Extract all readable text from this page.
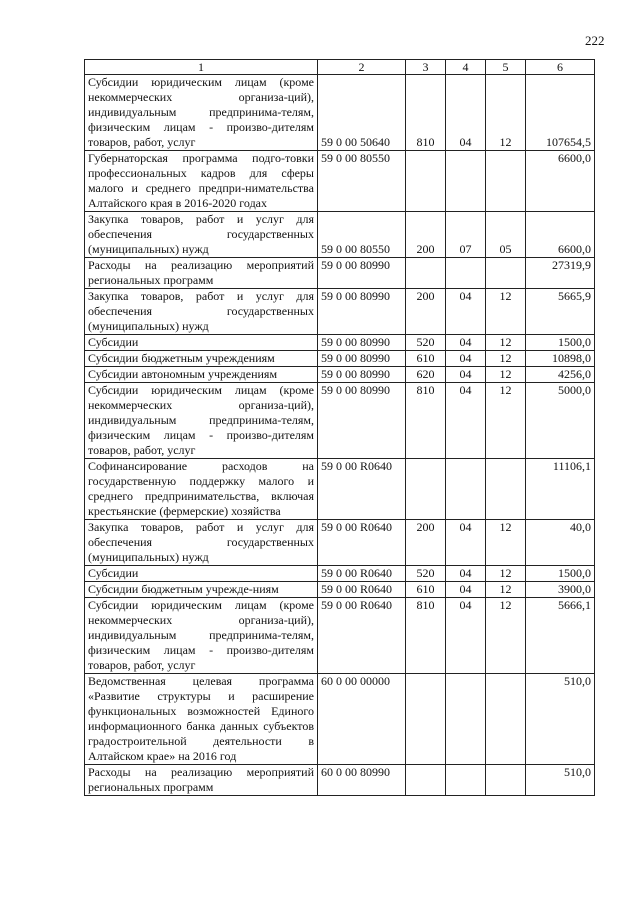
222
1	2	3	4	5	6
Субсидии юридическим лицам (кроме некоммерческих организа-ций), индивидуальным предпринима-телям, физическим лицам - произво-дителям товаров, работ, услуг	59 0 00 50640	810	04	12	107654,5
Губернаторская программа подго-товки профессиональных кадров для сферы малого и среднего предпри-нимательства Алтайского края в 2016-2020 годах	59 0 00 80550				6600,0
Закупка товаров, работ и услуг для обеспечения государственных (муниципальных) нужд	59 0 00 80550	200	07	05	6600,0
Расходы на реализацию мероприятий региональных программ	59 0 00 80990				27319,9
Закупка товаров, работ и услуг для обеспечения государственных (муниципальных) нужд	59 0 00 80990	200	04	12	5665,9
Субсидии	59 0 00 80990	520	04	12	1500,0
Субсидии бюджетным учреждениям	59 0 00 80990	610	04	12	10898,0
Субсидии автономным учреждениям	59 0 00 80990	620	04	12	4256,0
Субсидии юридическим лицам (кроме некоммерческих организа-ций), индивидуальным предпринима-телям, физическим лицам - произво-дителям товаров, работ, услуг	59 0 00 80990	810	04	12	5000,0
Софинансирование расходов на государственную поддержку малого и среднего предпринимательства, включая крестьянские (фермерские) хозяйства	59 0 00 R0640				11106,1
Закупка товаров, работ и услуг для обеспечения государственных (муниципальных) нужд	59 0 00 R0640	200	04	12	40,0
Субсидии	59 0 00 R0640	520	04	12	1500,0
Субсидии бюджетным учрежде-ниям	59 0 00 R0640	610	04	12	3900,0
Субсидии юридическим лицам (кроме некоммерческих организа-ций), индивидуальным предпринима-телям, физическим лицам - произво-дителям товаров, работ, услуг	59 0 00 R0640	810	04	12	5666,1
Ведомственная целевая программа «Развитие структуры и расширение функциональных возможностей Единого информационного банка данных субъектов градостроительной деятельности в Алтайском крае» на 2016 год	60 0 00 00000				510,0
Расходы на реализацию мероприятий региональных программ	60 0 00 80990				510,0
